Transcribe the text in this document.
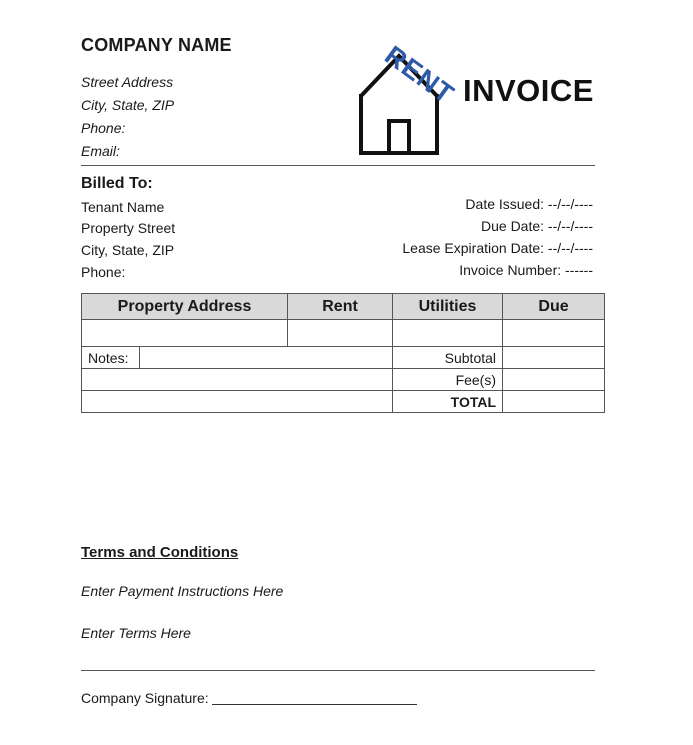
COMPANY NAME
Street Address
City, State, ZIP
Phone:
Email:
RENT INVOICE
Billed To:
Tenant Name
Property Street
City, State, ZIP
Phone:
Date Issued: --/--/----
Due Date: --/--/----
Lease Expiration Date: --/--/----
Invoice Number: ------
Property Address		Rent	Utilities	Due

Notes:			Subtotal	
			Fee(s)	
			TOTAL	
Terms and Conditions
Enter Payment Instructions Here
Enter Terms Here
Company Signature:
